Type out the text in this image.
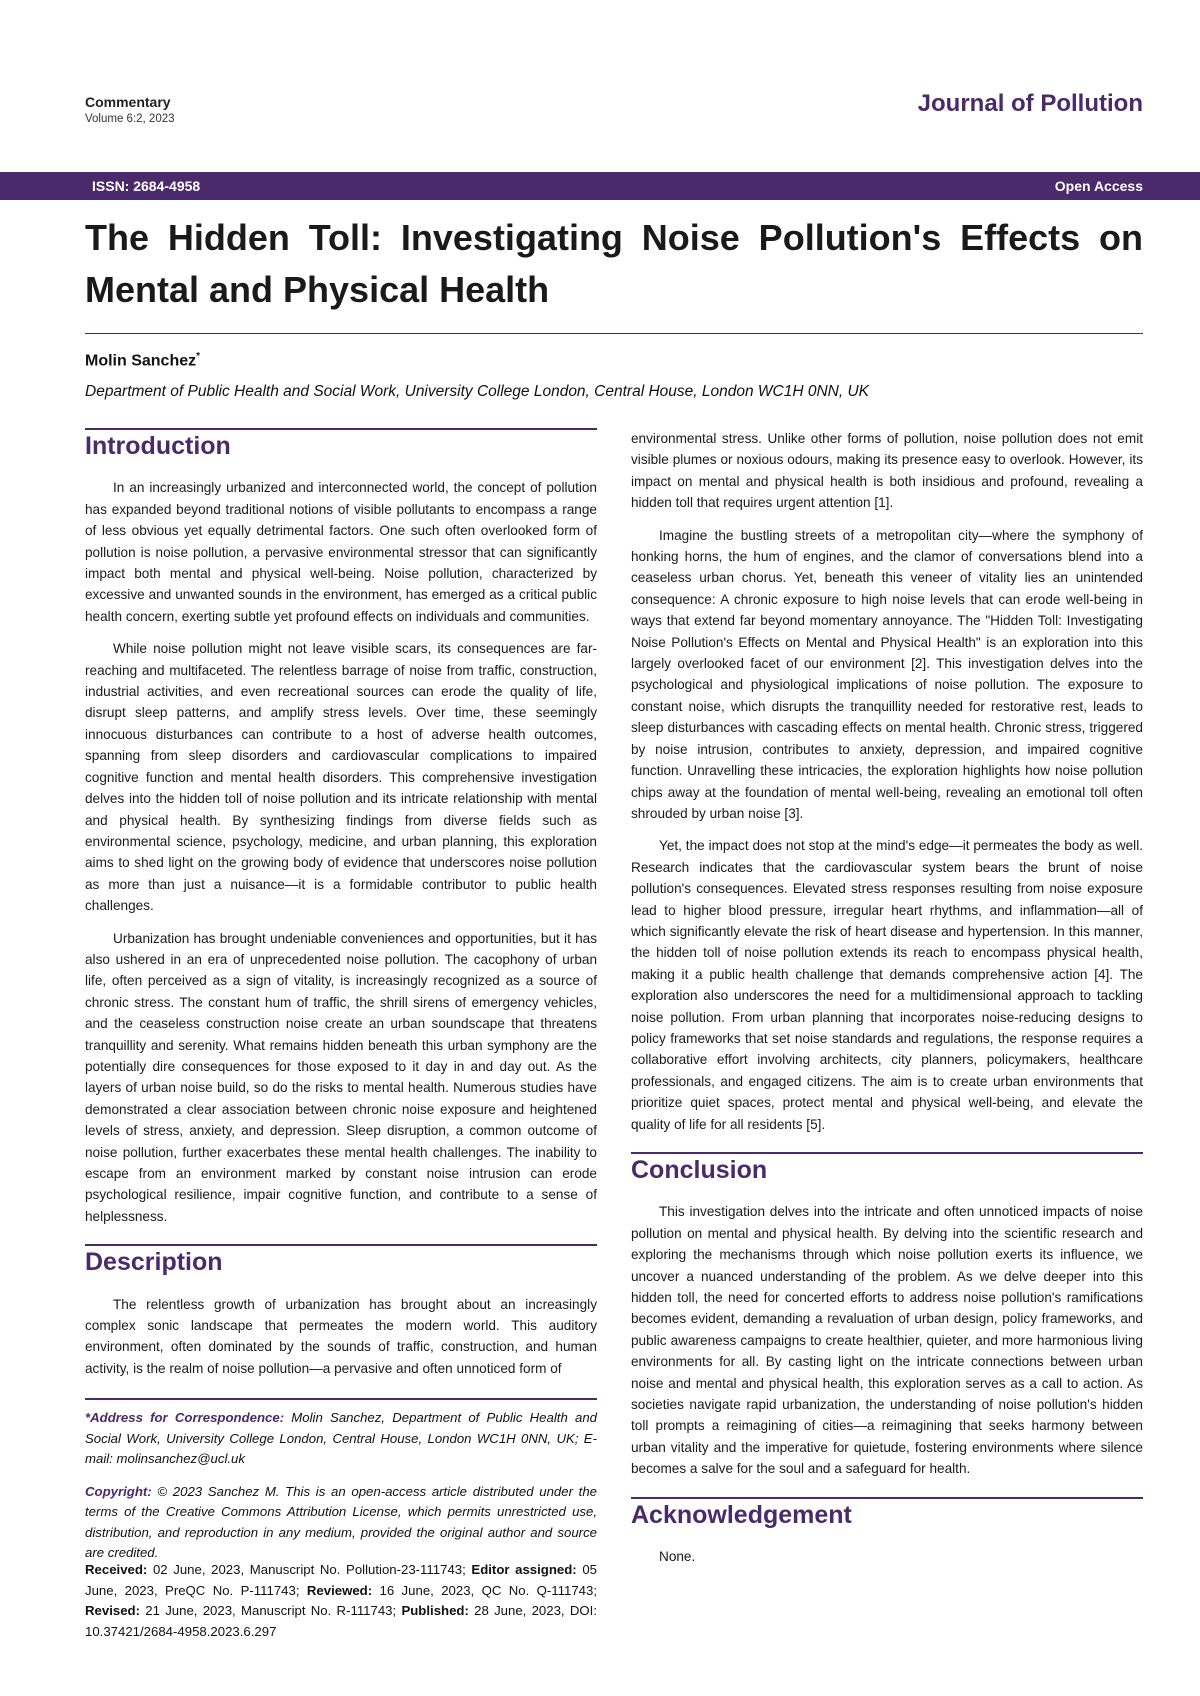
Commentary
Volume 6:2, 2023
Journal of Pollution
ISSN: 2684-4958	Open Access
The Hidden Toll: Investigating Noise Pollution's Effects on Mental and Physical Health
Molin Sanchez*
Department of Public Health and Social Work, University College London, Central House, London WC1H 0NN, UK
Introduction

In an increasingly urbanized and interconnected world, the concept of pollution has expanded beyond traditional notions of visible pollutants to encompass a range of less obvious yet equally detrimental factors. One such often overlooked form of pollution is noise pollution, a pervasive environmental stressor that can significantly impact both mental and physical well-being. Noise pollution, characterized by excessive and unwanted sounds in the environment, has emerged as a critical public health concern, exerting subtle yet profound effects on individuals and communities.

While noise pollution might not leave visible scars, its consequences are far-reaching and multifaceted. The relentless barrage of noise from traffic, construction, industrial activities, and even recreational sources can erode the quality of life, disrupt sleep patterns, and amplify stress levels. Over time, these seemingly innocuous disturbances can contribute to a host of adverse health outcomes, spanning from sleep disorders and cardiovascular complications to impaired cognitive function and mental health disorders. This comprehensive investigation delves into the hidden toll of noise pollution and its intricate relationship with mental and physical health. By synthesizing findings from diverse fields such as environmental science, psychology, medicine, and urban planning, this exploration aims to shed light on the growing body of evidence that underscores noise pollution as more than just a nuisance—it is a formidable contributor to public health challenges.

Urbanization has brought undeniable conveniences and opportunities, but it has also ushered in an era of unprecedented noise pollution. The cacophony of urban life, often perceived as a sign of vitality, is increasingly recognized as a source of chronic stress. The constant hum of traffic, the shrill sirens of emergency vehicles, and the ceaseless construction noise create an urban soundscape that threatens tranquillity and serenity. What remains hidden beneath this urban symphony are the potentially dire consequences for those exposed to it day in and day out. As the layers of urban noise build, so do the risks to mental health. Numerous studies have demonstrated a clear association between chronic noise exposure and heightened levels of stress, anxiety, and depression. Sleep disruption, a common outcome of noise pollution, further exacerbates these mental health challenges. The inability to escape from an environment marked by constant noise intrusion can erode psychological resilience, impair cognitive function, and contribute to a sense of helplessness.

Description

The relentless growth of urbanization has brought about an increasingly complex sonic landscape that permeates the modern world. This auditory environment, often dominated by the sounds of traffic, construction, and human activity, is the realm of noise pollution—a pervasive and often unnoticed form of

*Address for Correspondence: Molin Sanchez, Department of Public Health and Social Work, University College London, Central House, London WC1H 0NN, UK; E-mail: molinsanchez@ucl.uk

Copyright: © 2023 Sanchez M. This is an open-access article distributed under the terms of the Creative Commons Attribution License, which permits unrestricted use, distribution, and reproduction in any medium, provided the original author and source are credited.

Received: 02 June, 2023, Manuscript No. Pollution-23-111743; Editor assigned: 05 June, 2023, PreQC No. P-111743; Reviewed: 16 June, 2023, QC No. Q-111743; Revised: 21 June, 2023, Manuscript No. R-111743; Published: 28 June, 2023, DOI: 10.37421/2684-4958.2023.6.297

environmental stress. Unlike other forms of pollution, noise pollution does not emit visible plumes or noxious odours, making its presence easy to overlook. However, its impact on mental and physical health is both insidious and profound, revealing a hidden toll that requires urgent attention [1].

Imagine the bustling streets of a metropolitan city—where the symphony of honking horns, the hum of engines, and the clamor of conversations blend into a ceaseless urban chorus. Yet, beneath this veneer of vitality lies an unintended consequence: A chronic exposure to high noise levels that can erode well-being in ways that extend far beyond momentary annoyance. The "Hidden Toll: Investigating Noise Pollution's Effects on Mental and Physical Health" is an exploration into this largely overlooked facet of our environment [2]. This investigation delves into the psychological and physiological implications of noise pollution. The exposure to constant noise, which disrupts the tranquillity needed for restorative rest, leads to sleep disturbances with cascading effects on mental health. Chronic stress, triggered by noise intrusion, contributes to anxiety, depression, and impaired cognitive function. Unravelling these intricacies, the exploration highlights how noise pollution chips away at the foundation of mental well-being, revealing an emotional toll often shrouded by urban noise [3].

Yet, the impact does not stop at the mind's edge—it permeates the body as well. Research indicates that the cardiovascular system bears the brunt of noise pollution's consequences. Elevated stress responses resulting from noise exposure lead to higher blood pressure, irregular heart rhythms, and inflammation—all of which significantly elevate the risk of heart disease and hypertension. In this manner, the hidden toll of noise pollution extends its reach to encompass physical health, making it a public health challenge that demands comprehensive action [4]. The exploration also underscores the need for a multidimensional approach to tackling noise pollution. From urban planning that incorporates noise-reducing designs to policy frameworks that set noise standards and regulations, the response requires a collaborative effort involving architects, city planners, policymakers, healthcare professionals, and engaged citizens. The aim is to create urban environments that prioritize quiet spaces, protect mental and physical well-being, and elevate the quality of life for all residents [5].

Conclusion

This investigation delves into the intricate and often unnoticed impacts of noise pollution on mental and physical health. By delving into the scientific research and exploring the mechanisms through which noise pollution exerts its influence, we uncover a nuanced understanding of the problem. As we delve deeper into this hidden toll, the need for concerted efforts to address noise pollution's ramifications becomes evident, demanding a revaluation of urban design, policy frameworks, and public awareness campaigns to create healthier, quieter, and more harmonious living environments for all. By casting light on the intricate connections between urban noise and mental and physical health, this exploration serves as a call to action. As societies navigate rapid urbanization, the understanding of noise pollution's hidden toll prompts a reimagining of cities—a reimagining that seeks harmony between urban vitality and the imperative for quietude, fostering environments where silence becomes a salve for the soul and a safeguard for health.

Acknowledgement

None.
